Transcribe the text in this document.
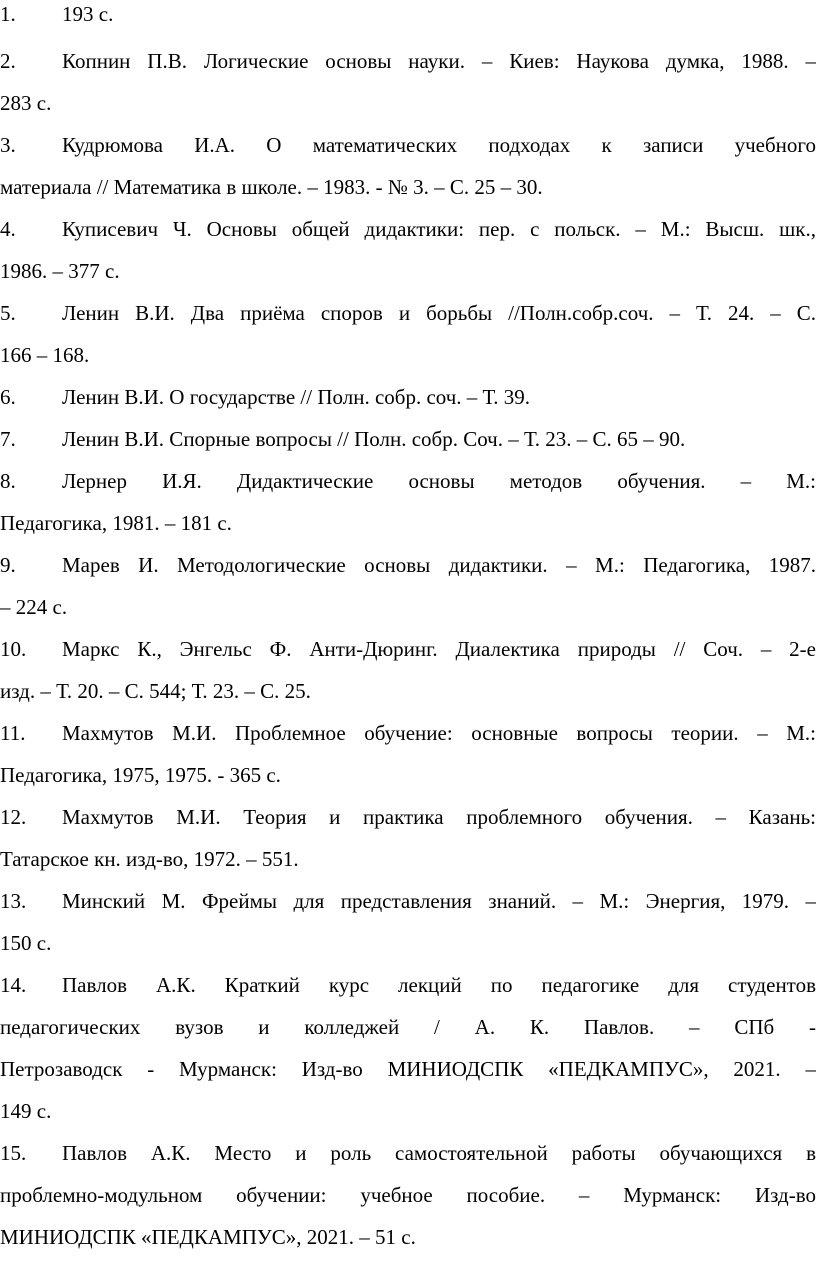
1. 193 с.
2. Копнин П.В. Логические основы науки. – Киев: Наукова думка, 1988. –
283 с.
3. Кудрюмова И.А. О математических подходах к записи учебного
материала // Математика в школе. – 1983. - № 3. – С. 25 – 30.
4. Куписевич Ч. Основы общей дидактики: пер. с польск. – М.: Высш. шк.,
1986. – 377 с.
5. Ленин В.И. Два приёма споров и борьбы //Полн.собр.соч. – Т. 24. – С.
166 – 168.
6. Ленин В.И. О государстве // Полн. собр. соч. – Т. 39.
7. Ленин В.И. Спорные вопросы // Полн. собр. Соч. – Т. 23. – С. 65 – 90.
8. Лернер И.Я. Дидактические основы методов обучения. – М.:
Педагогика, 1981. – 181 с.
9. Марев И. Методологические основы дидактики. – М.: Педагогика, 1987.
– 224 с.
10. Маркс К., Энгельс Ф. Анти-Дюринг. Диалектика природы // Соч. – 2-е
изд. – Т. 20. – С. 544; Т. 23. – С. 25.
11. Махмутов М.И. Проблемное обучение: основные вопросы теории. – М.:
Педагогика, 1975, 1975. - 365 с.
12. Махмутов М.И. Теория и практика проблемного обучения. – Казань:
Татарское кн. изд-во, 1972. – 551.
13. Минский М. Фреймы для представления знаний. – М.: Энергия, 1979. –
150 с.
14. Павлов А.К. Краткий курс лекций по педагогике для студентов
педагогических вузов и колледжей / А. К. Павлов. – СПб -
Петрозаводск - Мурманск: Изд-во МИНИОДСПК «ПЕДКАМПУС», 2021. –
149 с.
15. Павлов А.К. Место и роль самостоятельной работы обучающихся в
проблемно-модульном обучении: учебное пособие. – Мурманск: Изд-во
МИНИОДСПК «ПЕДКАМПУС», 2021. – 51 с.
